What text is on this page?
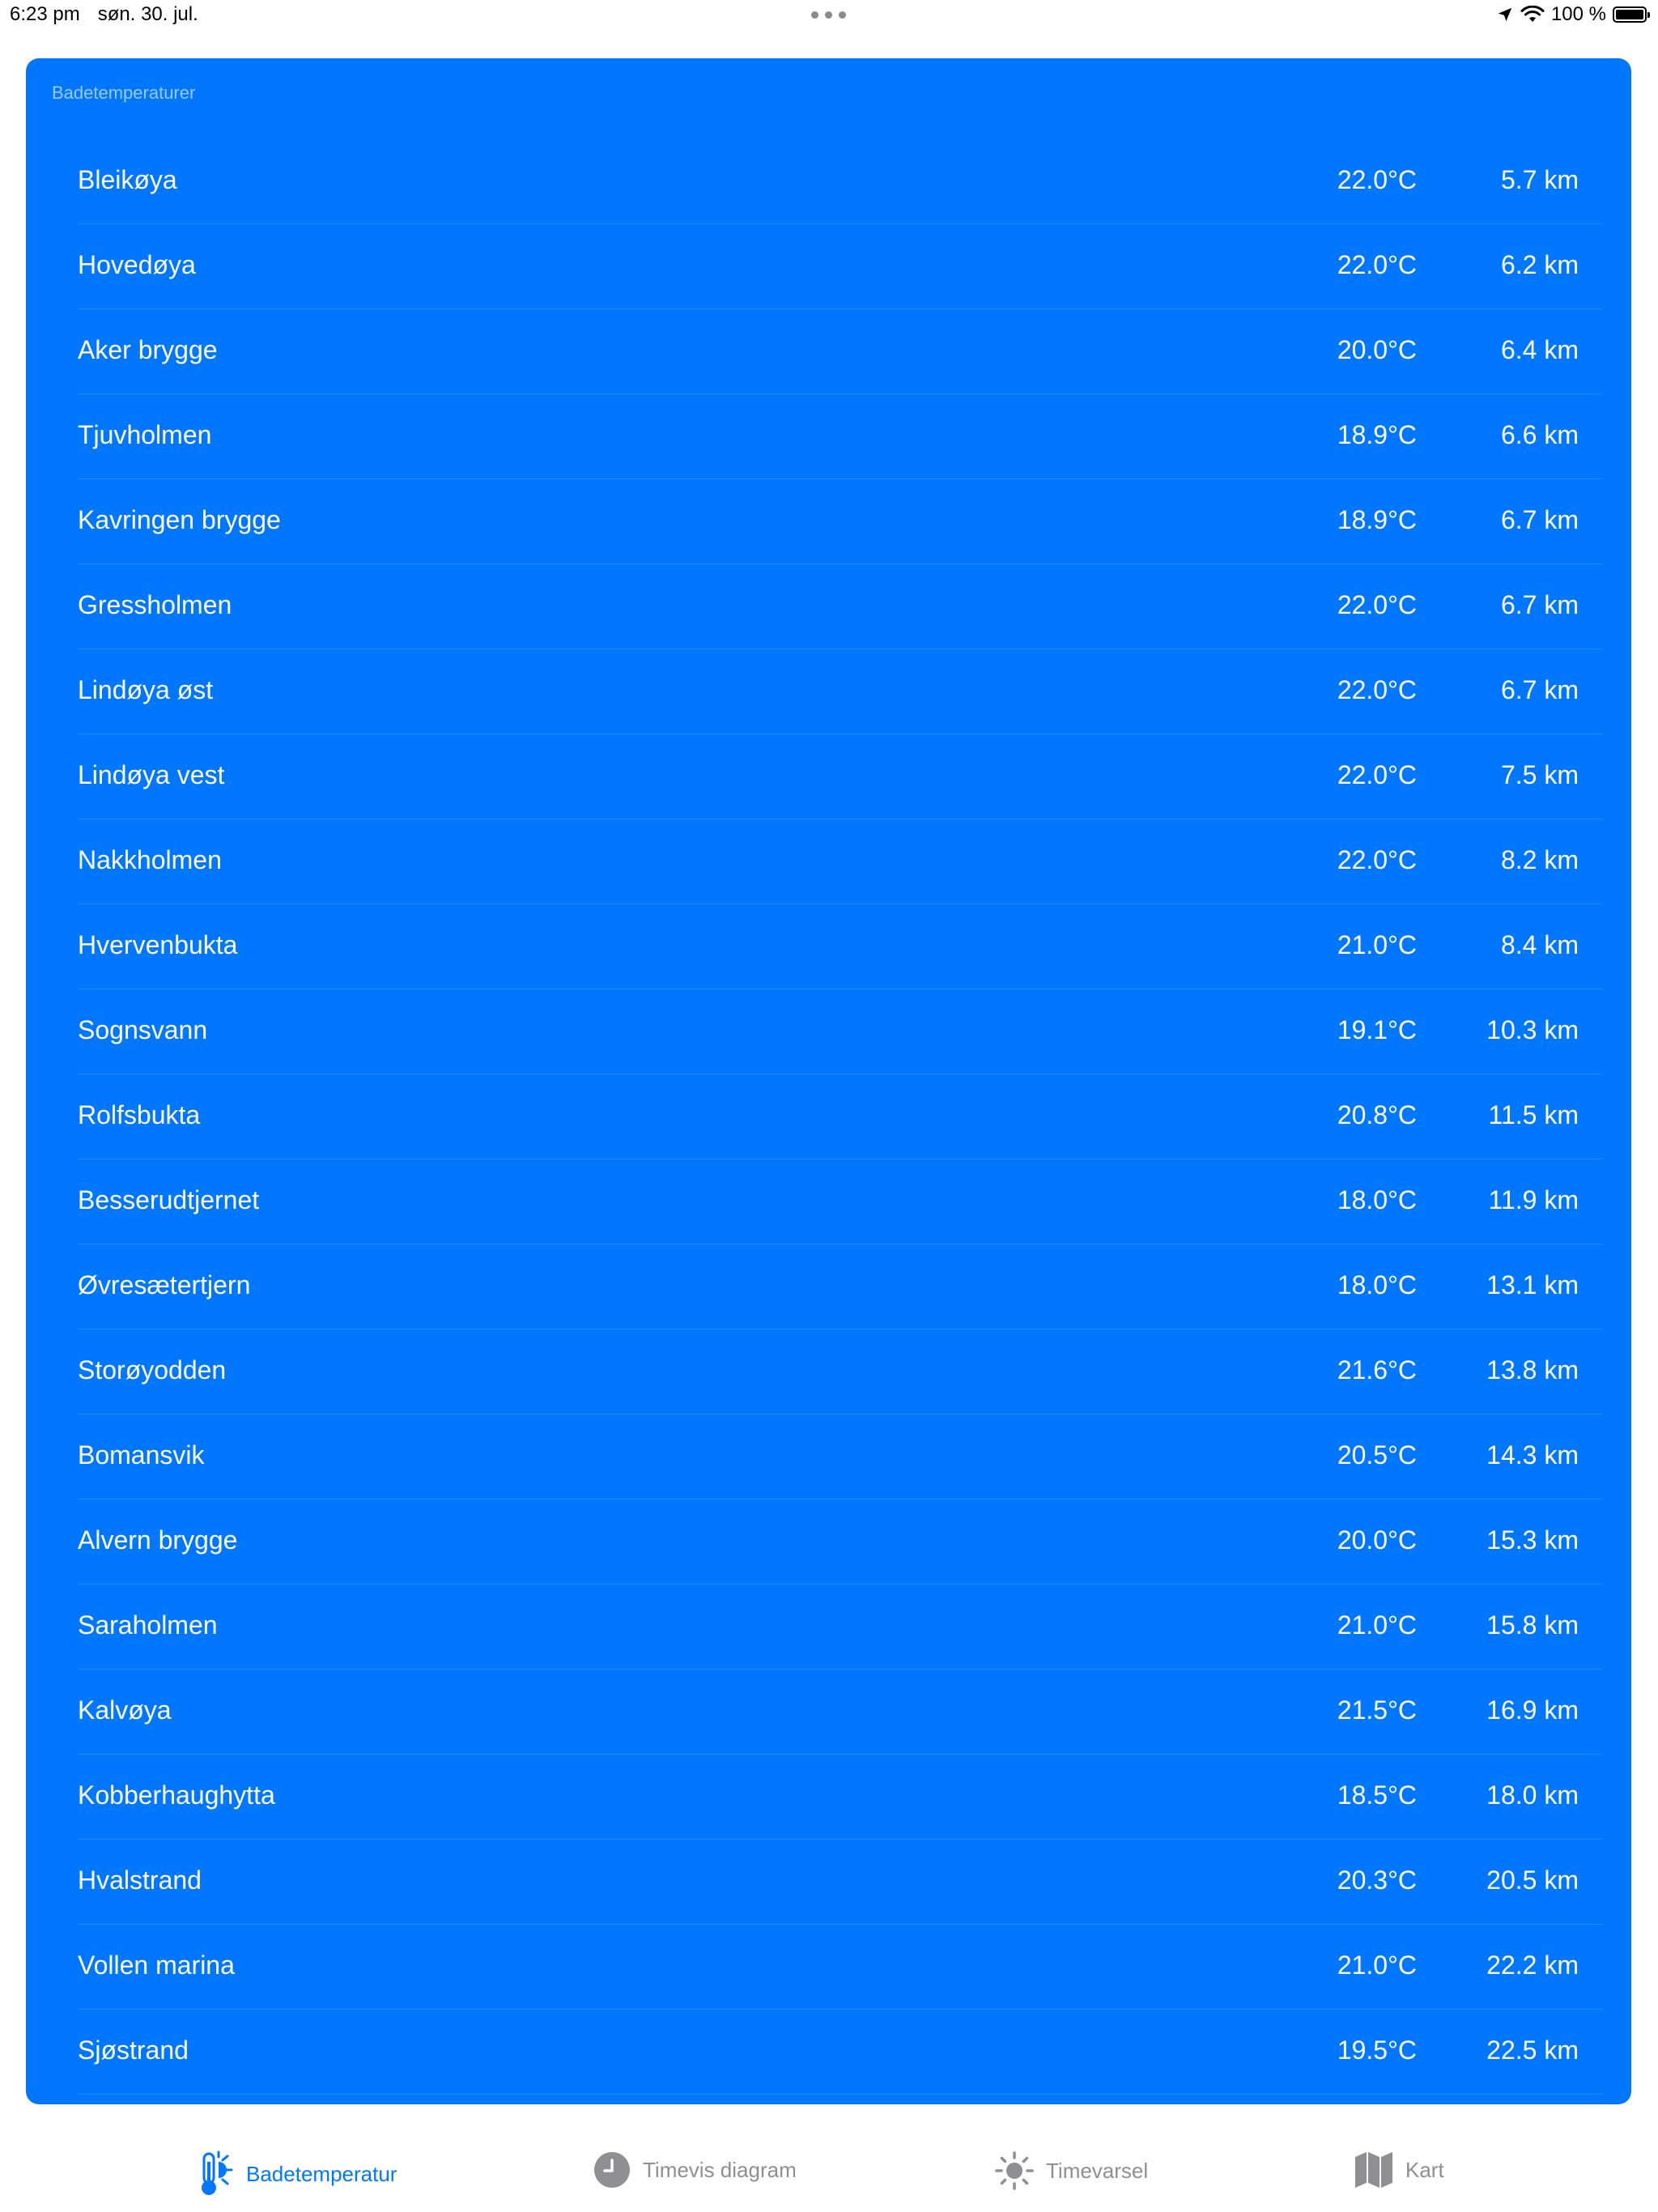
6:23 pm søn. 30. jul.	100 %
Badetemperaturer
Bleikøya	22.0°C	5.7 km
Hovedøya	22.0°C	6.2 km
Aker brygge	20.0°C	6.4 km
Tjuvholmen	18.9°C	6.6 km
Kavringen brygge	18.9°C	6.7 km
Gressholmen	22.0°C	6.7 km
Lindøya øst	22.0°C	6.7 km
Lindøya vest	22.0°C	7.5 km
Nakkholmen	22.0°C	8.2 km
Hvervenbukta	21.0°C	8.4 km
Sognsvann	19.1°C	10.3 km
Rolfsbukta	20.8°C	11.5 km
Besserudtjernet	18.0°C	11.9 km
Øvresætertjern	18.0°C	13.1 km
Storøyodden	21.6°C	13.8 km
Bomansvik	20.5°C	14.3 km
Alvern brygge	20.0°C	15.3 km
Saraholmen	21.0°C	15.8 km
Kalvøya	21.5°C	16.9 km
Kobberhaughytta	18.5°C	18.0 km
Hvalstrand	20.3°C	20.5 km
Vollen marina	21.0°C	22.2 km
Sjøstrand	19.5°C	22.5 km
Badetemperatur	Timevis diagram	Timevarsel	Kart
